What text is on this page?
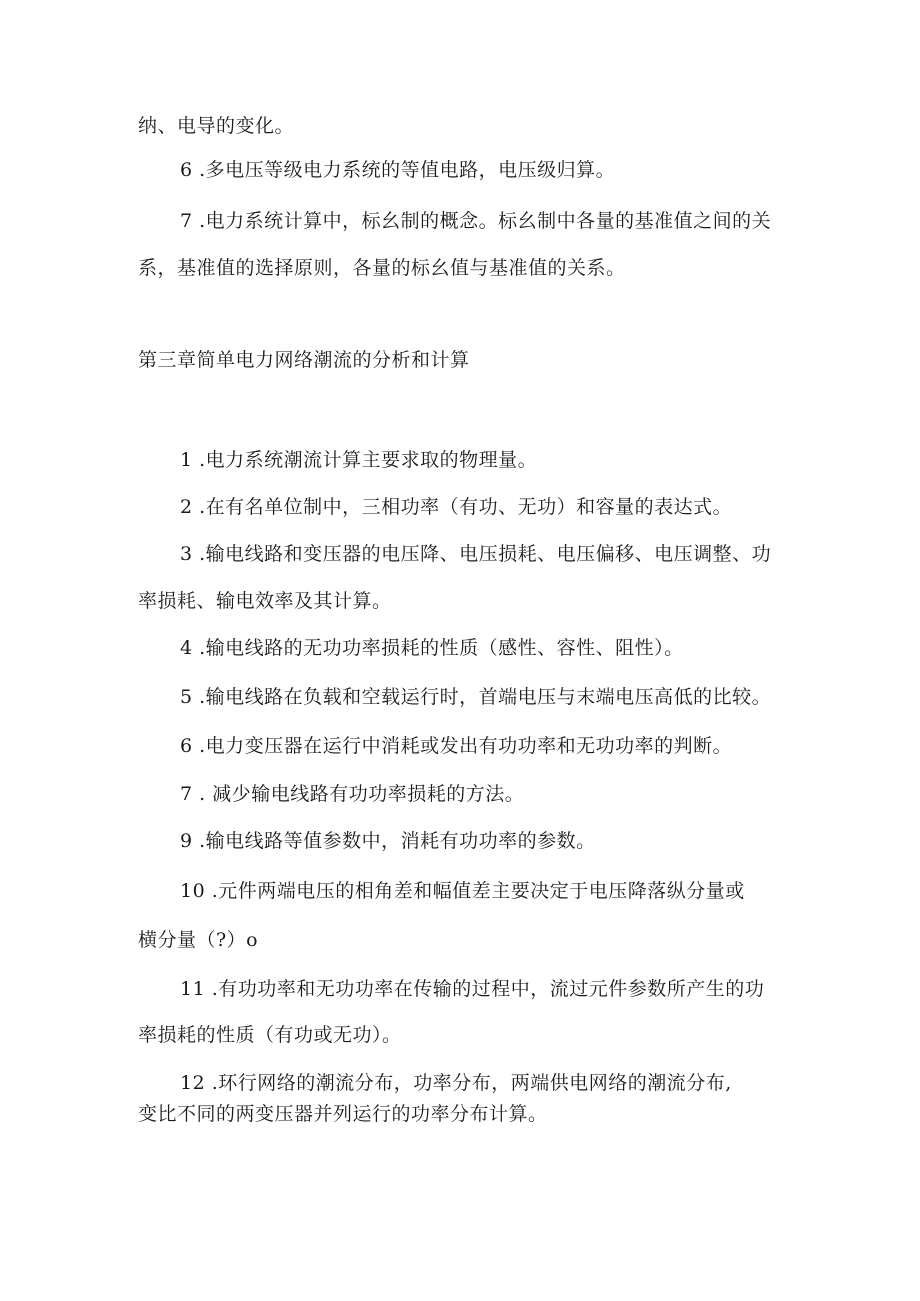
纳、电导的变化。
6 .多电压等级电力系统的等值电路，电压级归算。
7 .电力系统计算中，标幺制的概念。标幺制中各量的基准值之间的关
系，基准值的选择原则，各量的标幺值与基准值的关系。
第三章简单电力网络潮流的分析和计算
1 .电力系统潮流计算主要求取的物理量。
2 .在有名单位制中，三相功率（有功、无功）和容量的表达式。
3 .输电线路和变压器的电压降、电压损耗、电压偏移、电压调整、功
率损耗、输电效率及其计算。
4 .输电线路的无功功率损耗的性质（感性、容性、阻性）。
5 .输电线路在负载和空载运行时，首端电压与末端电压高低的比较。
6 .电力变压器在运行中消耗或发出有功功率和无功功率的判断。
7 . 减少输电线路有功功率损耗的方法。
9 .输电线路等值参数中，消耗有功功率的参数。
10 .元件两端电压的相角差和幅值差主要决定于电压降落纵分量或
横分量（?）o
11 .有功功率和无功功率在传输的过程中，流过元件参数所产生的功
率损耗的性质（有功或无功）。
12 .环行网络的潮流分布，功率分布，两端供电网络的潮流分布,
变比不同的两变压器并列运行的功率分布计算。
